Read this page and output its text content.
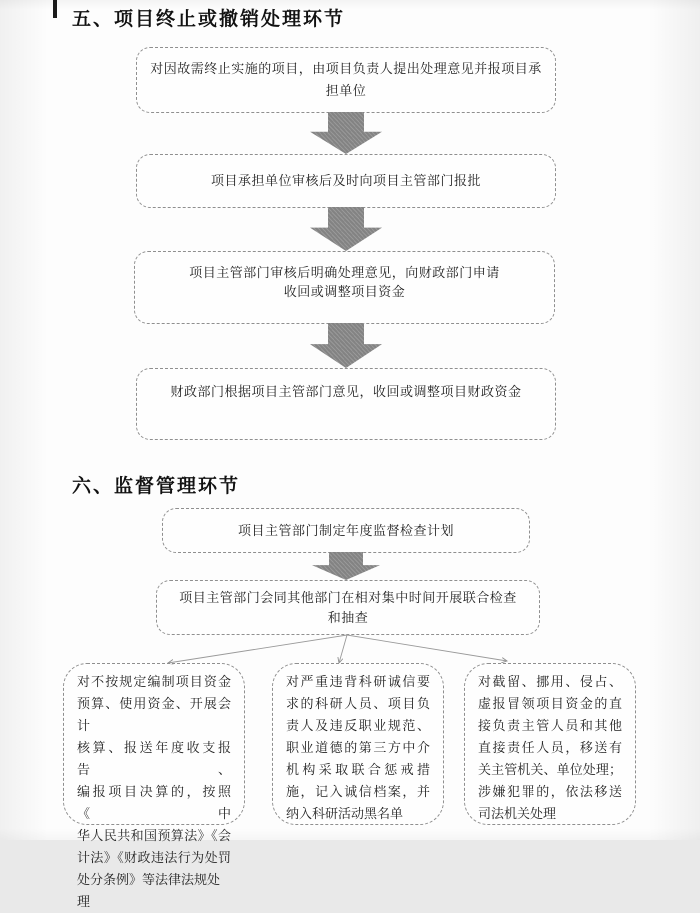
五、项目终止或撤销处理环节
对因故需终止实施的项目，由项目负责人提出处理意见并报项目承
担单位
项目承担单位审核后及时向项目主管部门报批
项目主管部门审核后明确处理意见，向财政部门申请
收回或调整项目资金
财政部门根据项目主管部门意见，收回或调整项目财政资金
六、监督管理环节
项目主管部门制定年度监督检查计划
项目主管部门会同其他部门在相对集中时间开展联合检查
和抽查
对不按规定编制项目资金
预算、使用资金、开展会计
核算、报送年度收支报告、
编报项目决算的，按照《中
华人民共和国预算法》《会
计法》《财政违法行为处罚
处分条例》等法律法规处理
对严重违背科研诚信要
求的科研人员、项目负
责人及违反职业规范、
职业道德的第三方中介
机构采取联合惩戒措
施，记入诚信档案，并
纳入科研活动黑名单
对截留、挪用、侵占、
虚报冒领项目资金的直
接负责主管人员和其他
直接责任人员，移送有
关主管机关、单位处理；
涉嫌犯罪的，依法移送
司法机关处理
